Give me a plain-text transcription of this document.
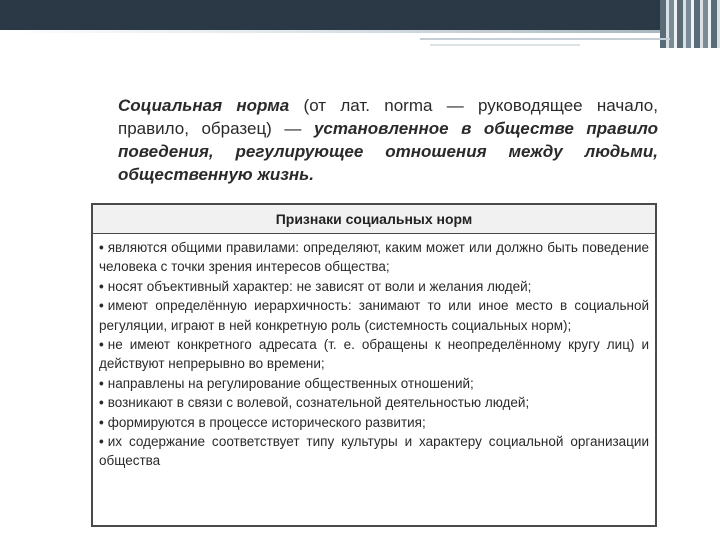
Социальная норма (от лат. norma — руководящее начало, правило, образец) — установленное в обществе правило поведения, регулирующее отношения между людьми, общественную жизнь.
Признаки социальных норм
• являются общими правилами: определяют, каким может или должно быть поведение человека с точки зрения интересов общества;
• носят объективный характер: не зависят от воли и желания людей;
• имеют определённую иерархичность: занимают то или иное место в социальной регуляции, играют в ней конкретную роль (системность социальных норм);
• не имеют конкретного адресата (т. е. обращены к неопределённому кругу лиц) и действуют непрерывно во времени;
• направлены на регулирование общественных отношений;
• возникают в связи с волевой, сознательной деятельностью людей;
• формируются в процессе исторического развития;
• их содержание соответствует типу культуры и характеру социальной организации общества
